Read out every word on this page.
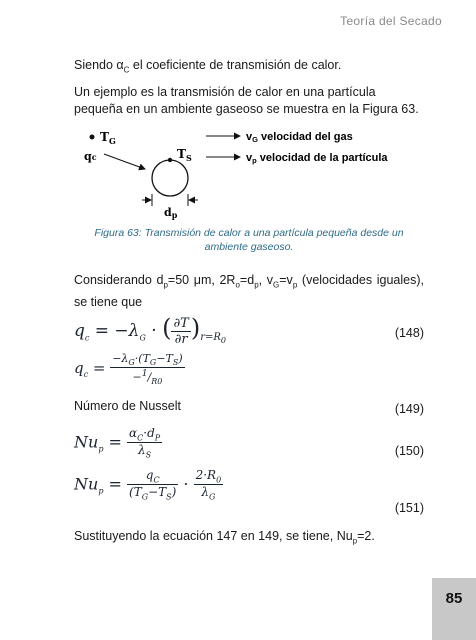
Teoría del Secado
Siendo $\alpha_C$ el coeficiente de transmisión de calor.
Un ejemplo es la transmisión de calor en una partícula pequeña en un ambiente gaseoso se muestra en la Figura 63.
$T_G$
qc	$T_S$
dp
vG velocidad del gas
vp velocidad de la partícula
Figura 63: Transmisión de calor a una partícula pequeña desde un ambiente gaseoso.
Considerando $d_p=50$ μm, $2R_o=d_p$, $v_G=v_p$ (velocidades iguales), se tiene que
$q_c = -\lambda_G$ · ( $\frac{\partial T}{\partial r} )_{r=R_0}$
(148)
$q_c = \frac{-\lambda_G\cdot(T_G-T_S)}{-^1/_{R0}}$
(149)
Número de Nusselt
$Nu_p = \frac{\alpha_C\cdot d_P}{\lambda_S}$	(150)
$Nu_p = \frac{q_C}{(T_G-T_S)} \cdot \frac{2\cdot R_0}{\lambda_G}$
(151)
Sustituyendo la ecuación 147 en 149, se tiene, $Nu_p=2$.
85
